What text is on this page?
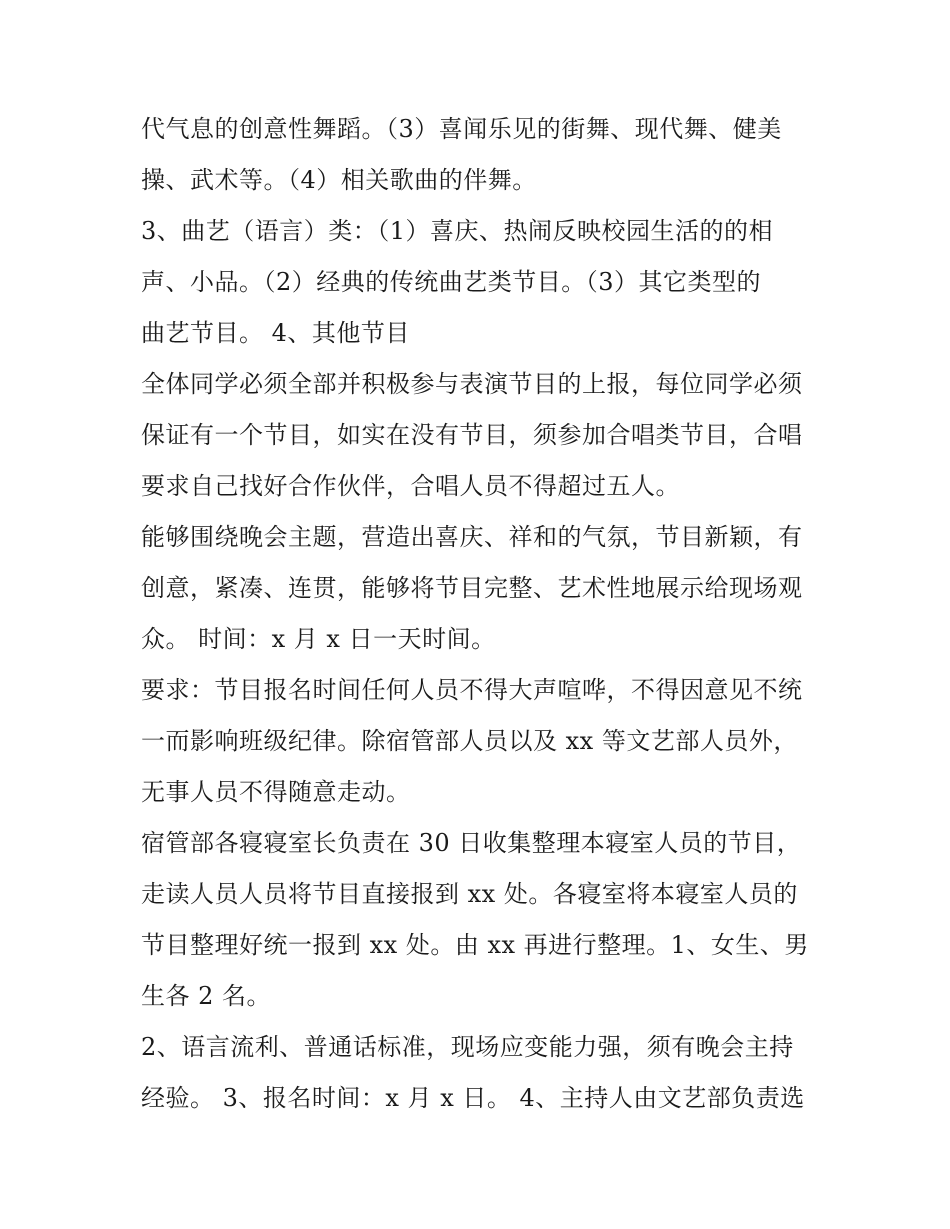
代气息的创意性舞蹈。（3）喜闻乐见的街舞、现代舞、健美
操、武术等。（4）相关歌曲的伴舞。
3、曲艺（语言）类：（1）喜庆、热闹反映校园生活的的相
声、小品。（2）经典的传统曲艺类节目。（3）其它类型的
曲艺节目。 4、其他节目
全体同学必须全部并积极参与表演节目的上报，每位同学必须
保证有一个节目，如实在没有节目，须参加合唱类节目，合唱
要求自己找好合作伙伴，合唱人员不得超过五人。
能够围绕晚会主题，营造出喜庆、祥和的气氛，节目新颖，有
创意，紧凑、连贯，能够将节目完整、艺术性地展示给现场观
众。 时间：x 月 x 日一天时间。
要求：节目报名时间任何人员不得大声喧哗，不得因意见不统
一而影响班级纪律。除宿管部人员以及 xx 等文艺部人员外，
无事人员不得随意走动。
宿管部各寝寝室长负责在 30 日收集整理本寝室人员的节目，
走读人员人员将节目直接报到 xx 处。各寝室将本寝室人员的
节目整理好统一报到 xx 处。由 xx 再进行整理。1、女生、男
生各 2 名。
2、语言流利、普通话标准，现场应变能力强，须有晚会主持
经验。 3、报名时间：x 月 x 日。 4、主持人由文艺部负责选
